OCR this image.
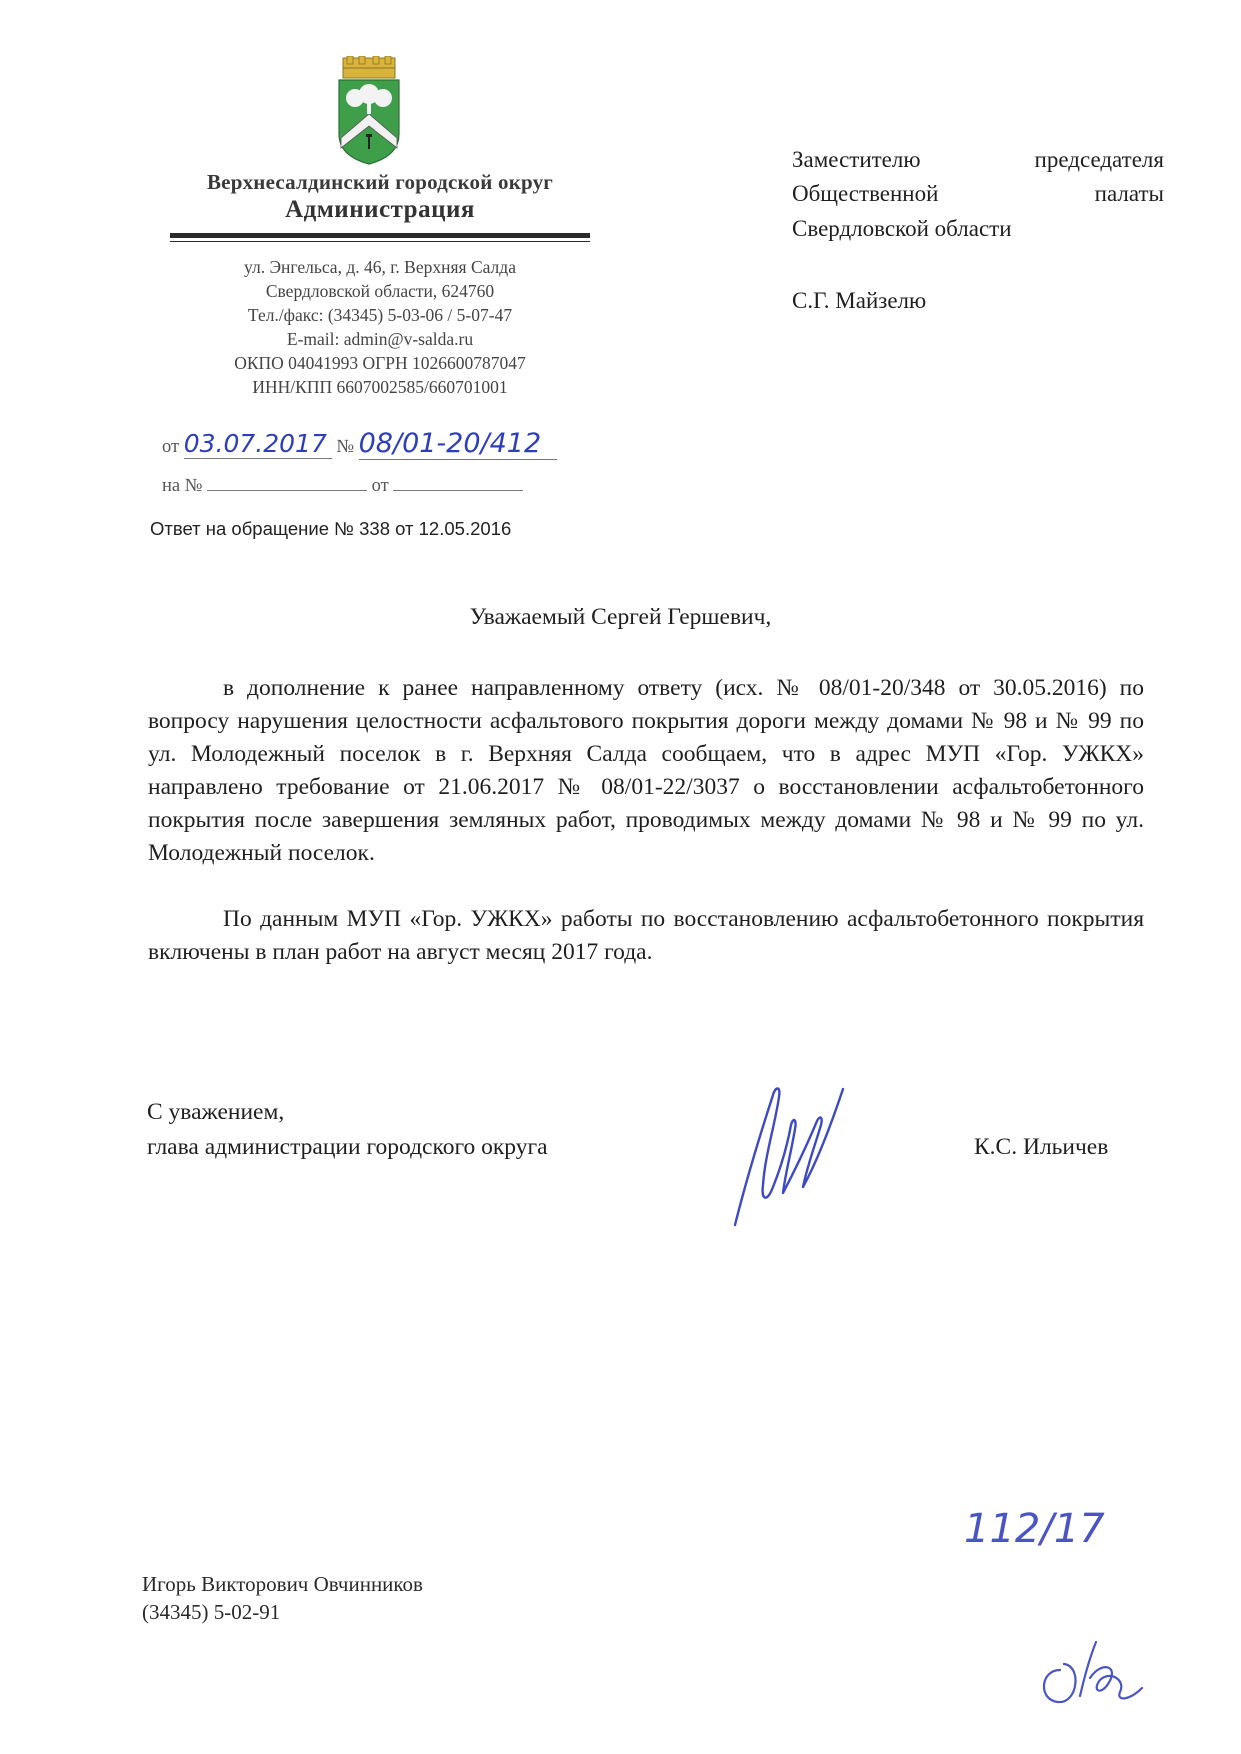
Верхнесалдинский городской округ
Администрация
ул. Энгельса, д. 46, г. Верхняя Салда
Свердловской области, 624760
Тел./факс: (34345) 5-03-06 / 5-07-47
E-mail: admin@v-salda.ru
ОКПО 04041993 ОГРН 1026600787047
ИНН/КПП 6607002585/660701001
от 03.07.2017 № 08/01-20/412
на №	от
Ответ на обращение № 338 от 12.05.2016
Заместителю	председателя
Общественной	палаты
Свердловской области
С.Г. Майзелю
Уважаемый Сергей Гершевич,
в дополнение к ранее направленному ответу (исх. № 08/01-20/348 от 30.05.2016) по вопросу нарушения целостности асфальтового покрытия дороги между домами № 98 и № 99 по ул. Молодежный поселок в г. Верхняя Салда сообщаем, что в адрес МУП «Гор. УЖКХ» направлено требование от 21.06.2017 № 08/01-22/3037 о восстановлении асфальтобетонного покрытия после завершения земляных работ, проводимых между домами № 98 и № 99 по ул. Молодежный поселок.
По данным МУП «Гор. УЖКХ» работы по восстановлению асфальтобетонного покрытия включены в план работ на август месяц 2017 года.
С уважением,
глава администрации городского округа	К.С. Ильичев
Игорь Викторович Овчинников
(34345) 5-02-91
112/17
